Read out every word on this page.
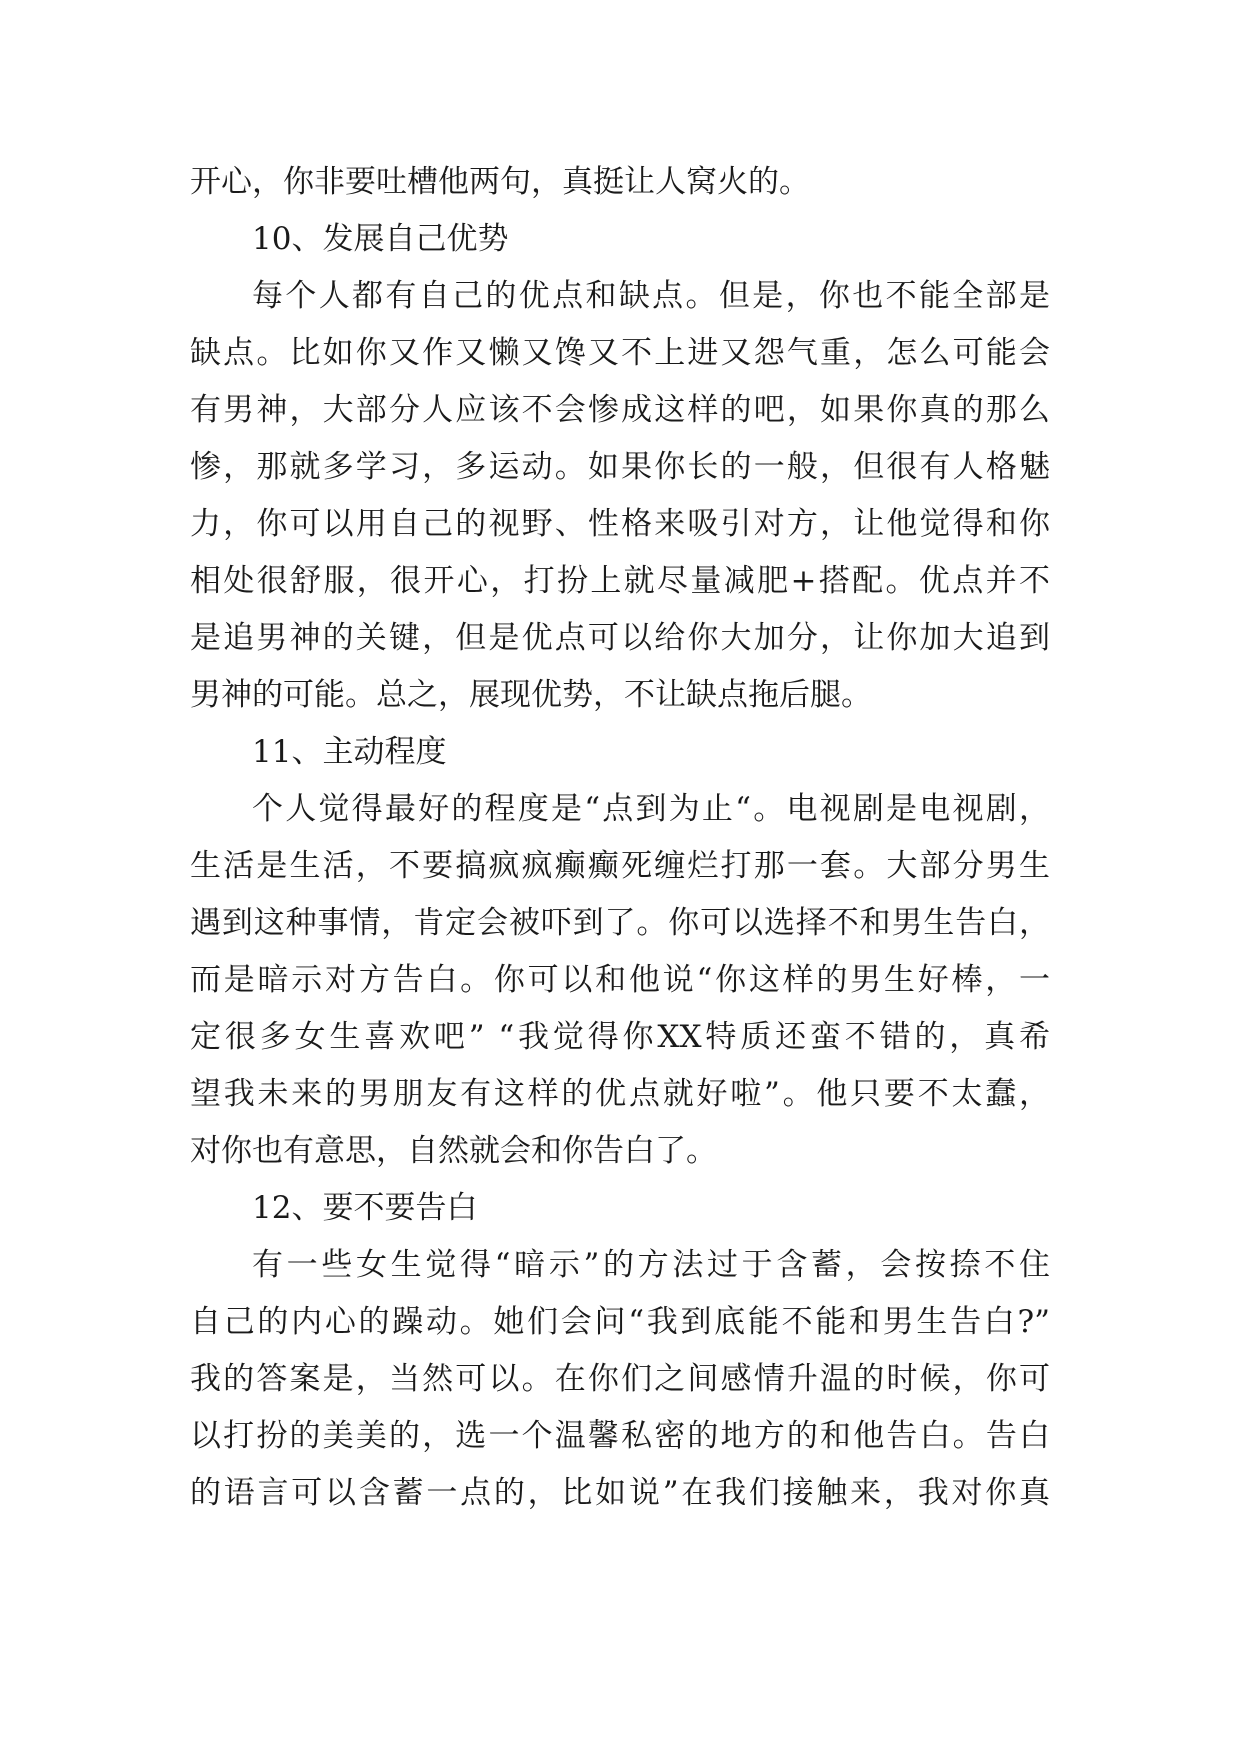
开心，你非要吐槽他两句，真挺让人窝火的。
10、发展自己优势
每个人都有自己的优点和缺点。但是，你也不能全部是
缺点。比如你又作又懒又馋又不上进又怨气重，怎么可能会
有男神，大部分人应该不会惨成这样的吧，如果你真的那么
惨，那就多学习，多运动。如果你长的一般，但很有人格魅
力，你可以用自己的视野、性格来吸引对方，让他觉得和你
相处很舒服，很开心，打扮上就尽量减肥+搭配。优点并不
是追男神的关键，但是优点可以给你大加分，让你加大追到
男神的可能。总之，展现优势，不让缺点拖后腿。
11、主动程度
个人觉得最好的程度是“点到为止“。电视剧是电视剧，
生活是生活，不要搞疯疯癫癫死缠烂打那一套。大部分男生
遇到这种事情，肯定会被吓到了。你可以选择不和男生告白，
而是暗示对方告白。你可以和他说“你这样的男生好棒，一
定很多女生喜欢吧” “我觉得你XX特质还蛮不错的，真希
望我未来的男朋友有这样的优点就好啦”。他只要不太蠢，
对你也有意思，自然就会和你告白了。
12、要不要告白
有一些女生觉得“暗示”的方法过于含蓄，会按捺不住
自己的内心的躁动。她们会问“我到底能不能和男生告白?”
我的答案是，当然可以。在你们之间感情升温的时候，你可
以打扮的美美的，选一个温馨私密的地方的和他告白。告白
的语言可以含蓄一点的，比如说”在我们接触来，我对你真
